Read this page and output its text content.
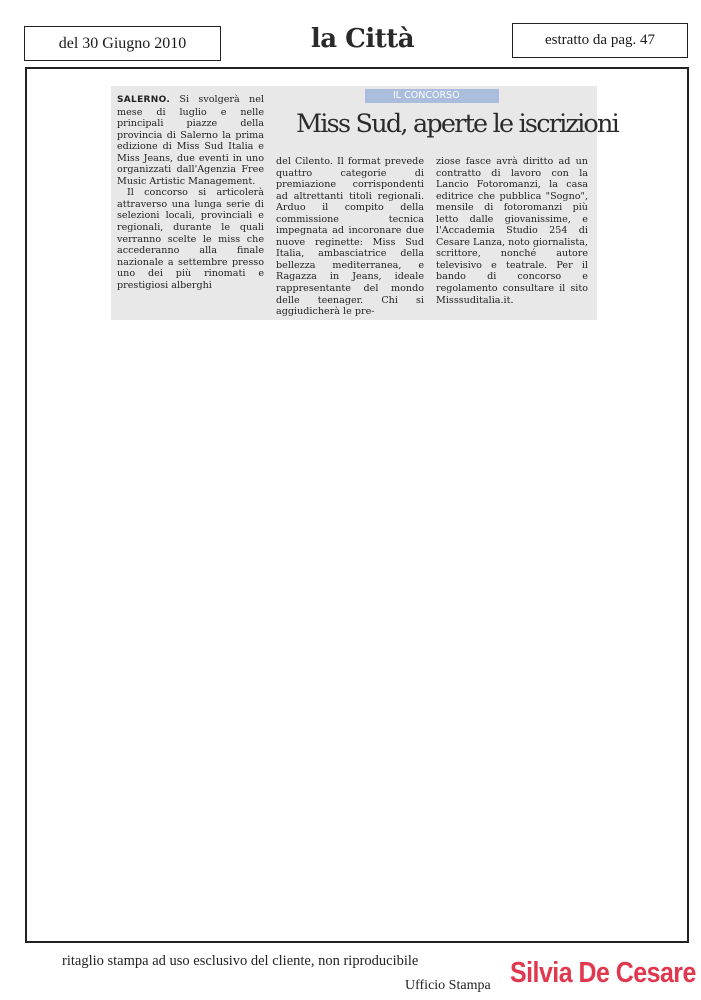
del 30 Giugno 2010	la Città	estratto da pag. 47
IL CONCORSO
Miss Sud, aperte le iscrizioni

SALERNO. Si svolgerà nel mese di luglio e nelle principali piazze della provincia di Salerno la prima edizione di Miss Sud Italia e Miss Jeans, due eventi in uno organizzati dall'Agenzia Free Music Artistic Management.

Il concorso si articolerà attraverso una lunga serie di selezioni locali, provinciali e regionali, durante le quali verranno scelte le miss che accederanno alla finale nazionale a settembre presso uno dei più rinomati e prestigiosi alberghi

del Cilento. Il format prevede quattro categorie di premiazione corrispondenti ad altrettanti titoli regionali. Arduo il compito della commissione tecnica impegnata ad incoronare due nuove reginette: Miss Sud Italia, ambasciatrice della bellezza mediterranea, e Ragazza in Jeans, ideale rappresentante del mondo delle teenager. Chi si aggiudicherà le pre-

ziose fasce avrà diritto ad un contratto di lavoro con la Lancio Fotoromanzi, la casa editrice che pubblica "Sogno", mensile di fotoromanzi più letto dalle giovanissime, e l'Accademia Studio 254 di Cesare Lanza, noto giornalista, scrittore, nonché autore televisivo e teatrale. Per il bando di concorso e regolamento consultare il sito Misssuditalia.it.

ritaglio stampa ad uso esclusivo del cliente, non riproducibile
Ufficio Stampa Silvia De Cesare
